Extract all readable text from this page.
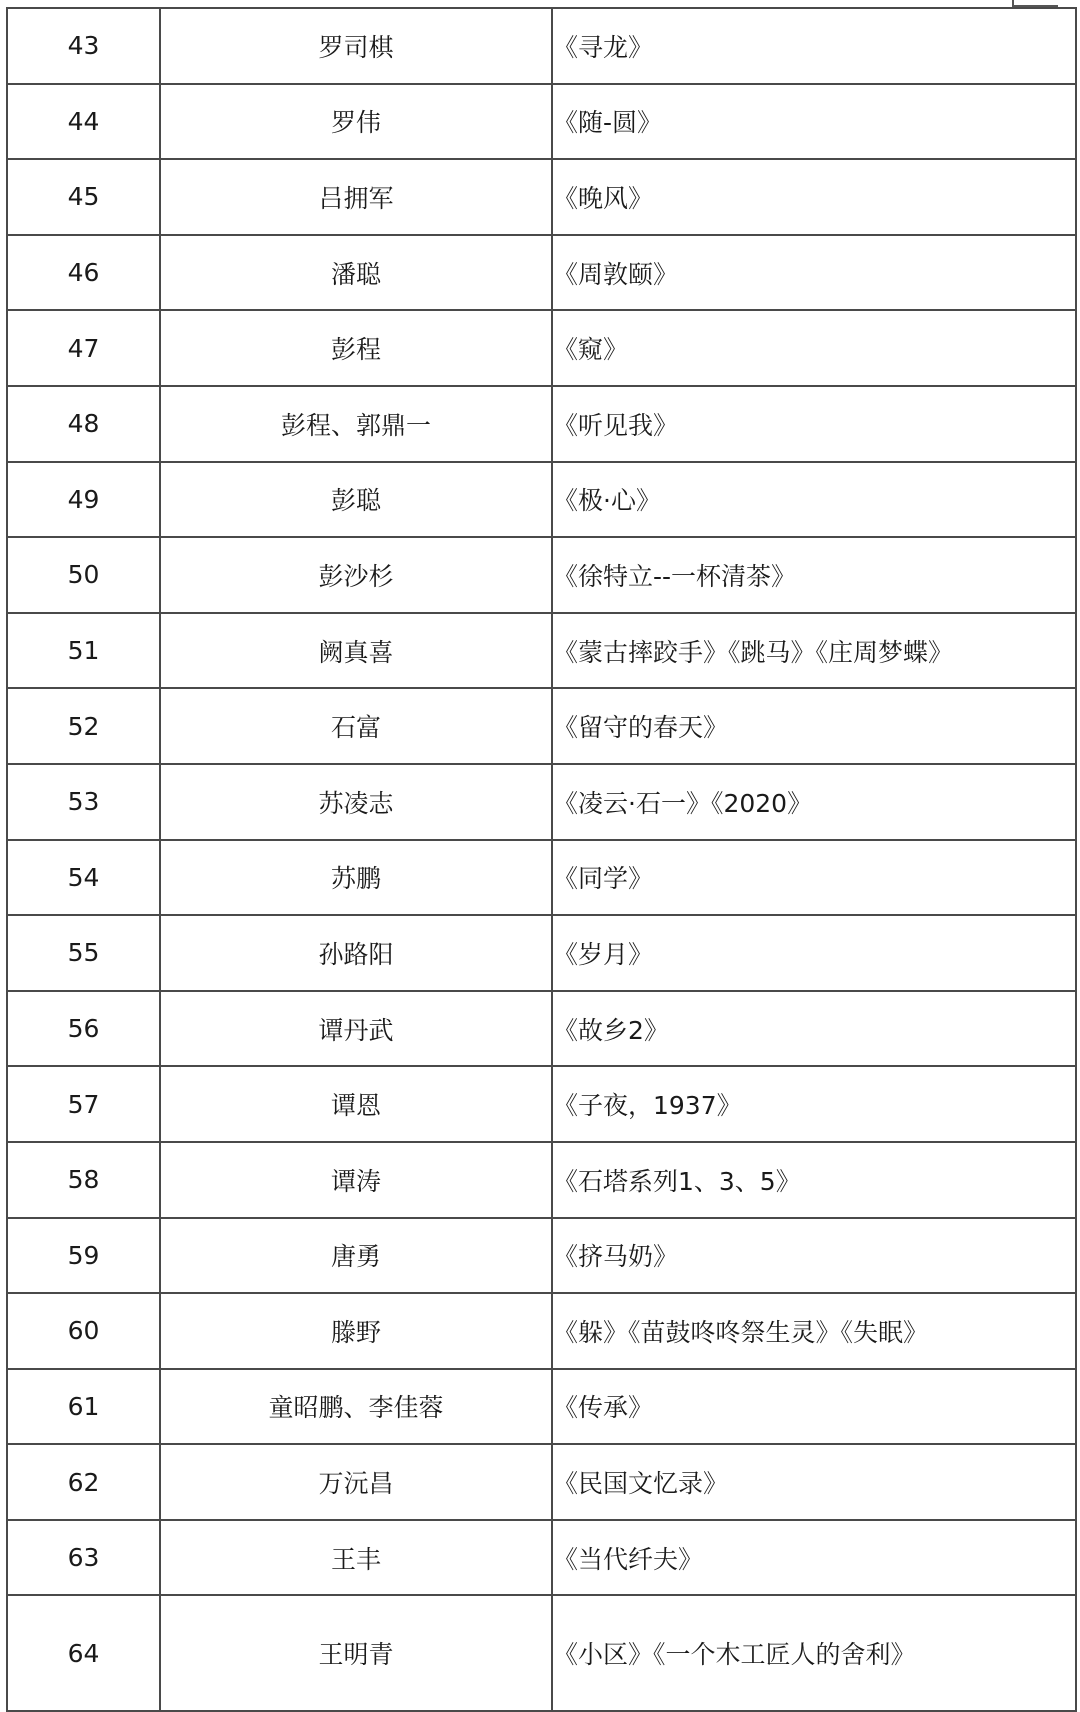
43	罗司棋	《寻龙》
44	罗伟	《随-圆》
45	吕拥军	《晚风》
46	潘聪	《周敦颐》
47	彭程	《窥》
48	彭程、郭鼎一	《听见我》
49	彭聪	《极·心》
50	彭沙杉	《徐特立--一杯清茶》
51	阙真喜	《蒙古摔跤手》《跳马》《庄周梦蝶》
52	石富	《留守的春天》
53	苏凌志	《凌云·石一》《2020》
54	苏鹏	《同学》
55	孙路阳	《岁月》
56	谭丹武	《故乡2》
57	谭恩	《子夜，1937》
58	谭涛	《石塔系列1、3、5》
59	唐勇	《挤马奶》
60	滕野	《躲》《苗鼓咚咚祭生灵》《失眠》
61	童昭鹏、李佳蓉	《传承》
62	万沅昌	《民国文忆录》
63	王丰	《当代纤夫》
64	王明青	《小区》《一个木工匠人的舍利》
